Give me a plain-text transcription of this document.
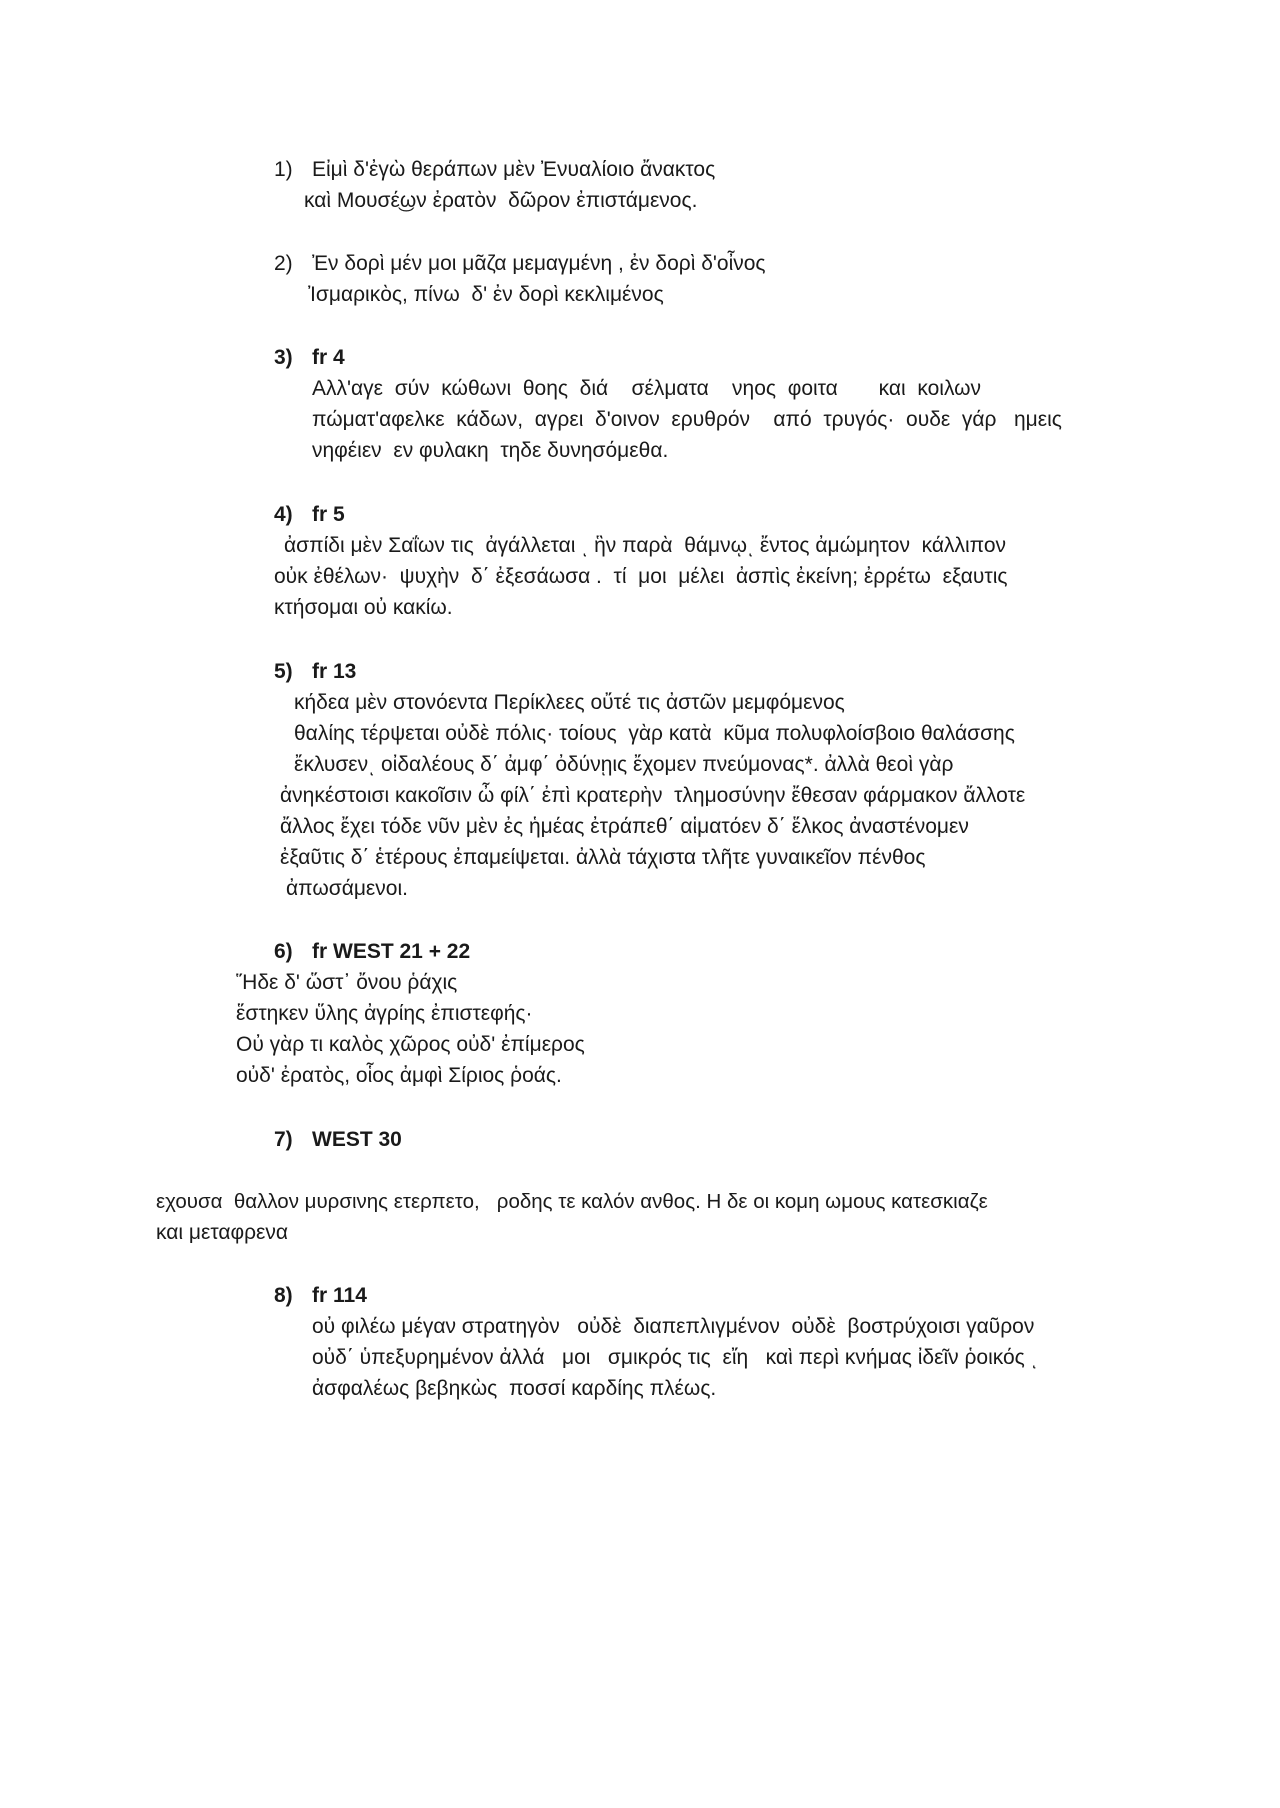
1) Εἰμὶ δ'ἐγὼ θεράπων μὲν Ἐνυαλίοιο ἄνακτος
καὶ Μουσέ͜ων ἐρατὸν  δῶρον ἐπιστάμενος.
2) Ἐν δορὶ μέν μοι μᾶζα μεμαγμένη , ἐν δορὶ δ'οἶνος
Ἰσμαρικὸς, πίνω  δ' ἐν δορὶ κεκλιμένος
3) fr 4
Αλλ'αγε  σύν  κώθωνι  θοης  διά    σέλματα    νηος  φοιτα       και  κοιλων
πώματ'αφελκε  κάδων,  αγρει  δ'οινον  ερυθρόν    από  τρυγός·  ουδε  γάρ   ημεις
νηφέιεν  εν φυλακη  τηδε δυνησόμεθα.
4) fr 5
ἀσπίδι μὲν Σαΐων τις  ἀγάλλεται ͺ ἣν παρὰ  θάμνῳͺ ἔντος ἀμώμητον  κάλλιπον
οὐκ ἐθέλων·  ψυχὴν  δ΄ ἐξεσάωσα .  τί  μοι  μέλει  ἀσπὶς ἐκείνη; ἐρρέτω  εξαυτις
κτήσομαι οὐ κακίω.
5) fr 13
κήδεα μὲν στονόεντα Περίκλεες οὔτέ τις ἀστῶν μεμφόμενος
θαλίης τέρψεται οὐδὲ πόλις· τοίους  γὰρ κατὰ  κῦμα πολυφλοίσβοιο θαλάσσης
ἔκλυσενͺ οἰδαλέους δ΄ ἀμφ΄ ὀδύνῃις ἔχομεν πνεύμονας*. ἀλλὰ θεοὶ γὰρ
ἀνηκέστοισι κακοῖσιν ὦ φίλ΄ ἐπὶ κρατερὴν  τλημοσύνην ἔθεσαν φάρμακον ἄλλοτε
ἄλλος ἔχει τόδε νῦν μὲν ἐς ἡμέας ἐτράπεθ΄ αἱματόεν δ΄ ἕλκος ἀναστένομεν
ἐξαῦτις δ΄ ἑτέρους ἐπαμείψεται. ἀλλὰ τάχιστα τλῆτε γυναικεῖον πένθος
ἀπωσάμενοι.
6) fr WEST 21 + 22
Ἥδε δ' ὥστ᾽ ὄνου ῥάχις
ἕστηκεν ὕλης ἀγρίης ἐπιστεφής·
Οὐ γὰρ τι καλὸς χῶρος οὐδ' ἐπίμερος
οὐδ' ἐρατὸς, οἷος ἀμφὶ Σίριος ῥοάς.
7) WEST 30
εχουσα  θαλλον μυρσινης ετερπετο,   ροδης τε καλόν ανθος. Η δε οι κομη ωμους κατεσκιαζε
και μεταφρενα
8) fr 114
οὐ φιλέω μέγαν στρατηγὸν   οὐδὲ  διαπεπλιγμένον  οὐδὲ  βοστρύχοισι γαῦρον
οὐδ΄ ὑπεξυρημένον ἀλλά   μοι   σμικρός τις  εἴη   καὶ περὶ κνήμας ἰδεῖν ῥοικός ͺ
ἀσφαλέως βεβηκὼς  ποσσί καρδίης πλέως.
